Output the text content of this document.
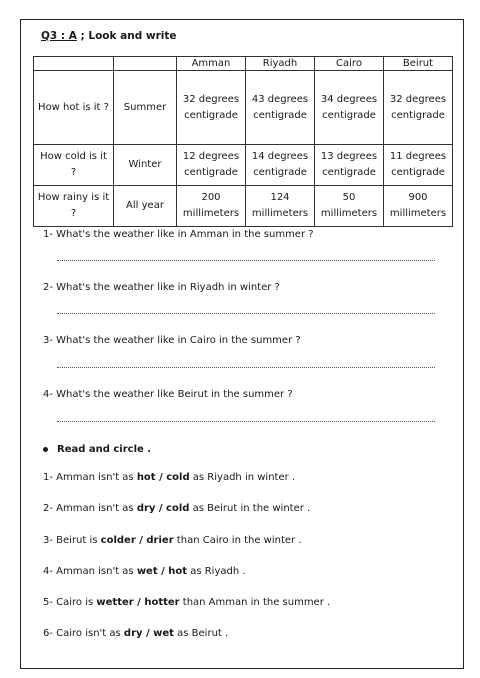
Q3 : A ; Look and write
		Amman	Riyadh	Cairo	Beirut
How hot is it ?	Summer	32 degrees centigrade	43 degrees centigrade	34 degrees centigrade	32 degrees centigrade
How cold is it ?	Winter	12 degrees centigrade	14 degrees centigrade	13 degrees centigrade	11 degrees centigrade
How rainy is it ?	All year	200 millimeters	124 millimeters	50 millimeters	900 millimeters
1- What's the weather like in Amman in the summer ?
2- What's the weather like in Riyadh in winter ?
3- What's the weather like in Cairo in the summer ?
4- What's the weather like Beirut in the summer ?
Read and circle .
1- Amman isn't as hot / cold as Riyadh in winter .
2- Amman isn't as dry / cold as Beirut in the winter .
3- Beirut is colder / drier than Cairo in the winter .
4- Amman isn't as wet / hot as Riyadh .
5- Cairo is wetter / hotter than Amman in the summer .
6- Cairo isn't as dry / wet as Beirut .
